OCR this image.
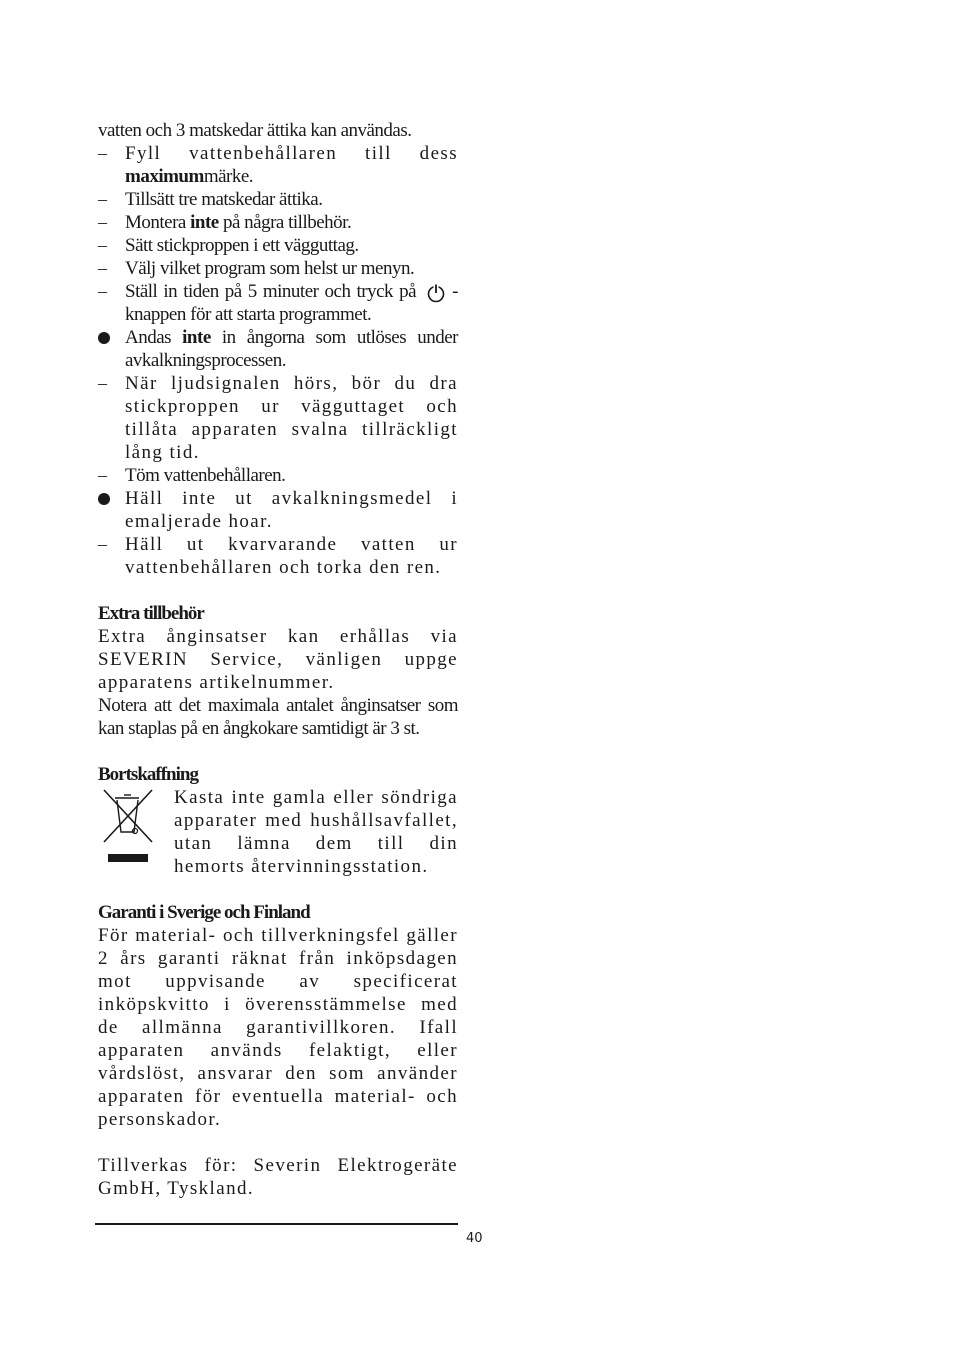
vatten och 3 matskedar ättika kan användas.

– Fyll vattenbehållaren till dess maximummärke.
– Tillsätt tre matskedar ättika.
– Montera inte på några tillbehör.
– Sätt stickproppen i ett vägguttag.
– Välj vilket program som helst ur menyn.
– Ställ in tiden på 5 minuter och tryck på -knappen för att starta programmet.
Andas inte in ångorna som utlöses under avkalkningsprocessen.
– När ljudsignalen hörs, bör du dra stickproppen ur vägguttaget och tillåta apparaten svalna tillräckligt lång tid.
– Töm vattenbehållaren.
Häll inte ut avkalkningsmedel i emaljerade hoar.
– Häll ut kvarvarande vatten ur vattenbehållaren och torka den ren.

Extra tillbehör

Extra ånginsatser kan erhållas via SEVERIN Service, vänligen uppge apparatens artikelnummer.

Notera att det maximala antalet ånginsatser som kan staplas på en ångkokare samtidigt är 3 st.

Bortskaffning

Kasta inte gamla eller söndriga apparater med hushållsavfallet, utan lämna dem till din hemorts återvinningsstation.

Garanti i Sverige och Finland

För material- och tillverkningsfel gäller 2 års garanti räknat från inköpsdagen mot uppvisande av specificerat inköpskvitto i överensstämmelse med de allmänna garantivillkoren. Ifall apparaten används felaktigt, eller vårdslöst, ansvarar den som använder apparaten för eventuella material- och personskador.

Tillverkas för: Severin Elektrogeräte GmbH, Tyskland.

40
